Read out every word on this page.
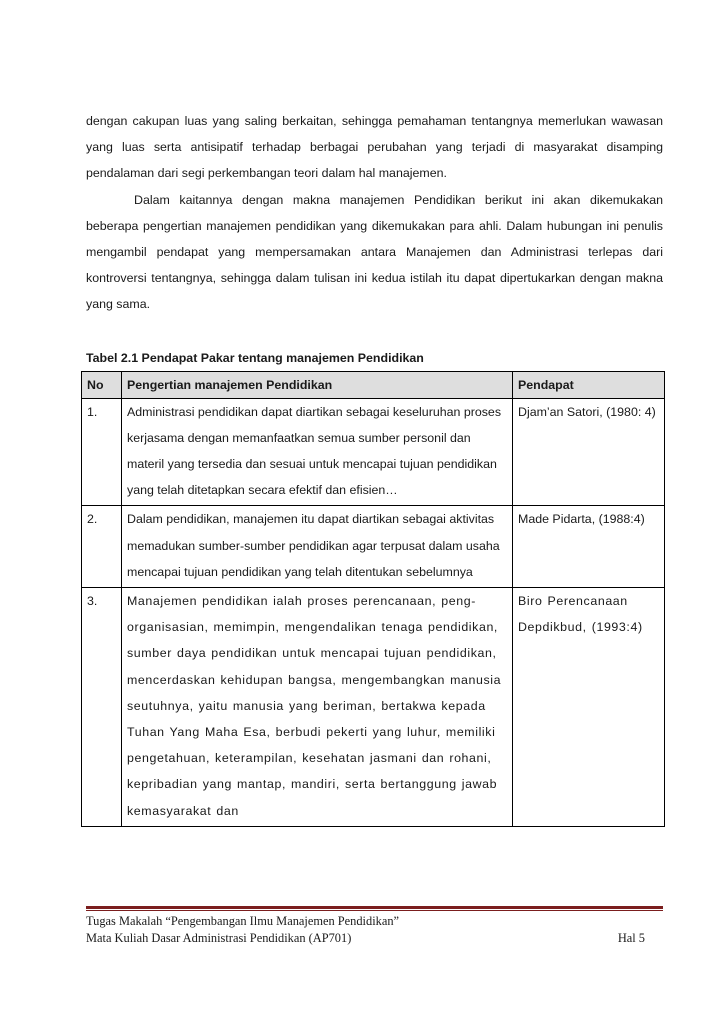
dengan cakupan luas yang saling berkaitan, sehingga pemahaman tentangnya memerlukan wawasan yang luas serta antisipatif terhadap berbagai perubahan yang terjadi di masyarakat disamping pendalaman dari segi perkembangan teori dalam hal manajemen.

Dalam kaitannya dengan makna manajemen Pendidikan berikut ini akan dikemukakan beberapa pengertian manajemen pendidikan yang dikemukakan para ahli. Dalam hubungan ini penulis mengambil pendapat yang mempersamakan antara Manajemen dan Administrasi terlepas dari kontroversi tentangnya, sehingga dalam tulisan ini kedua istilah itu dapat dipertukarkan dengan makna yang sama.

Tabel 2.1 Pendapat Pakar tentang manajemen Pendidikan
No	Pengertian manajemen Pendidikan	Pendapat
1.	Administrasi pendidikan dapat diartikan sebagai keseluruhan proses kerjasama dengan memanfaatkan semua sumber personil dan materil yang tersedia dan sesuai untuk mencapai tujuan pendidikan yang telah ditetapkan secara efektif dan efisien…	Djam’an Satori, (1980: 4)
2.	Dalam pendidikan, manajemen itu dapat diartikan sebagai aktivitas memadukan sumber-sumber pendidikan agar terpusat dalam usaha mencapai tujuan pendidikan yang telah ditentukan sebelumnya	Made Pidarta, (1988:4)
3.	Manajemen pendidikan ialah proses perencanaan, peng-organisasian, memimpin, mengendalikan tenaga pendidikan, sumber daya pendidikan untuk mencapai tujuan pendidikan, mencerdaskan kehidupan bangsa, mengembangkan manusia seutuhnya, yaitu manusia yang beriman, bertakwa kepada Tuhan Yang Maha Esa, berbudi pekerti yang luhur, memiliki pengetahuan, keterampilan, kesehatan jasmani dan rohani, kepribadian yang mantap, mandiri, serta bertanggung jawab kemasyarakat dan	Biro Perencanaan Depdikbud, (1993:4)
Tugas Makalah “Pengembangan Ilmu Manajemen Pendidikan”
Mata Kuliah Dasar Administrasi Pendidikan (AP701)	Hal 5
